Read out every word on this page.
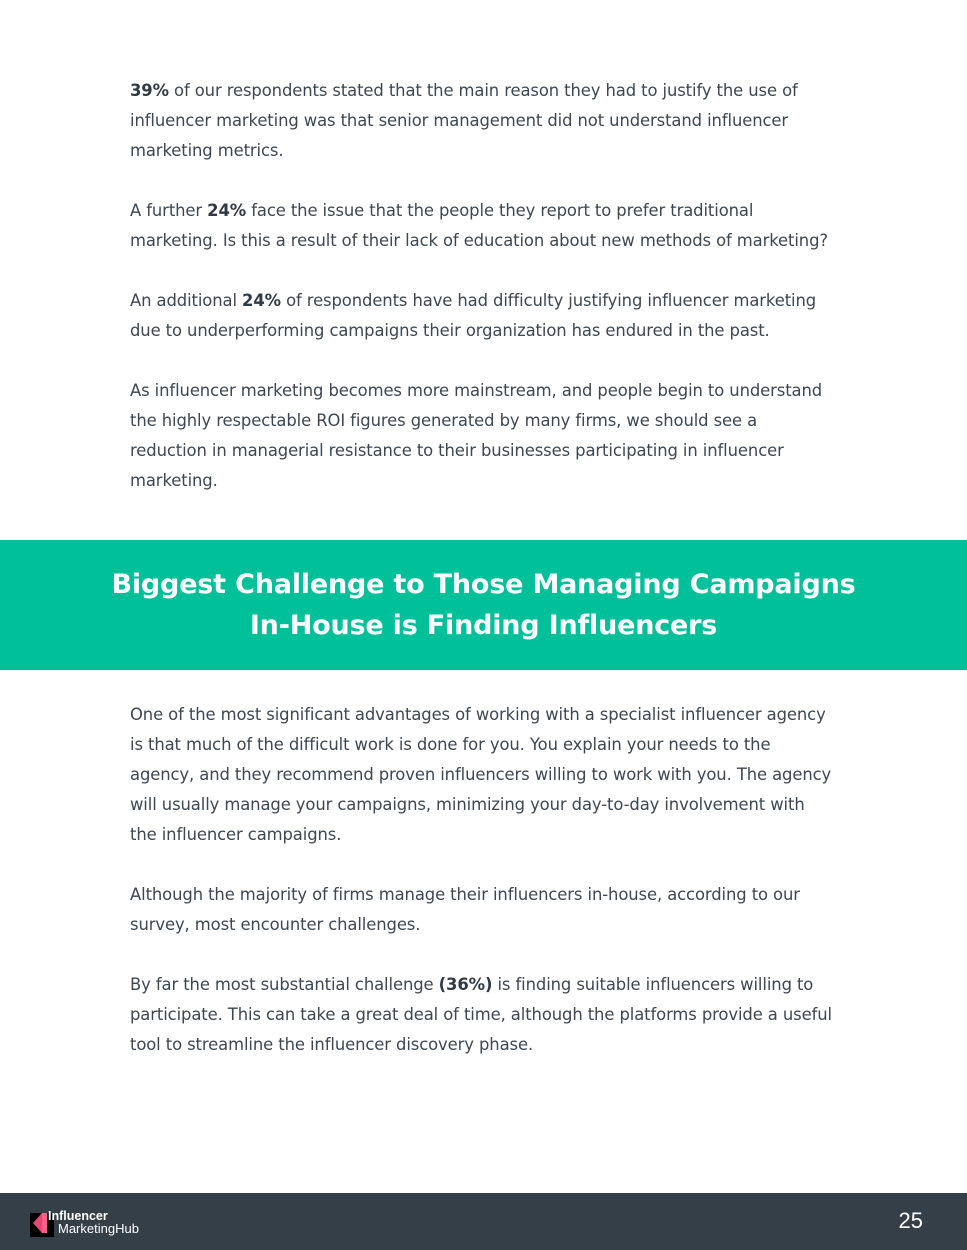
39% of our respondents stated that the main reason they had to justify the use of influencer marketing was that senior management did not understand influencer marketing metrics.

A further 24% face the issue that the people they report to prefer traditional marketing. Is this a result of their lack of education about new methods of marketing?

An additional 24% of respondents have had difficulty justifying influencer marketing due to underperforming campaigns their organization has endured in the past.

As influencer marketing becomes more mainstream, and people begin to understand the highly respectable ROI figures generated by many firms, we should see a reduction in managerial resistance to their businesses participating in influencer marketing.

Biggest Challenge to Those Managing Campaigns In-House is Finding Influencers

One of the most significant advantages of working with a specialist influencer agency is that much of the difficult work is done for you. You explain your needs to the agency, and they recommend proven influencers willing to work with you. The agency will usually manage your campaigns, minimizing your day-to-day involvement with the influencer campaigns.

Although the majority of firms manage their influencers in-house, according to our survey, most encounter challenges.

By far the most substantial challenge (36%) is finding suitable influencers willing to participate. This can take a great deal of time, although the platforms provide a useful tool to streamline the influencer discovery phase.

Influencer
MarketingHub	25
